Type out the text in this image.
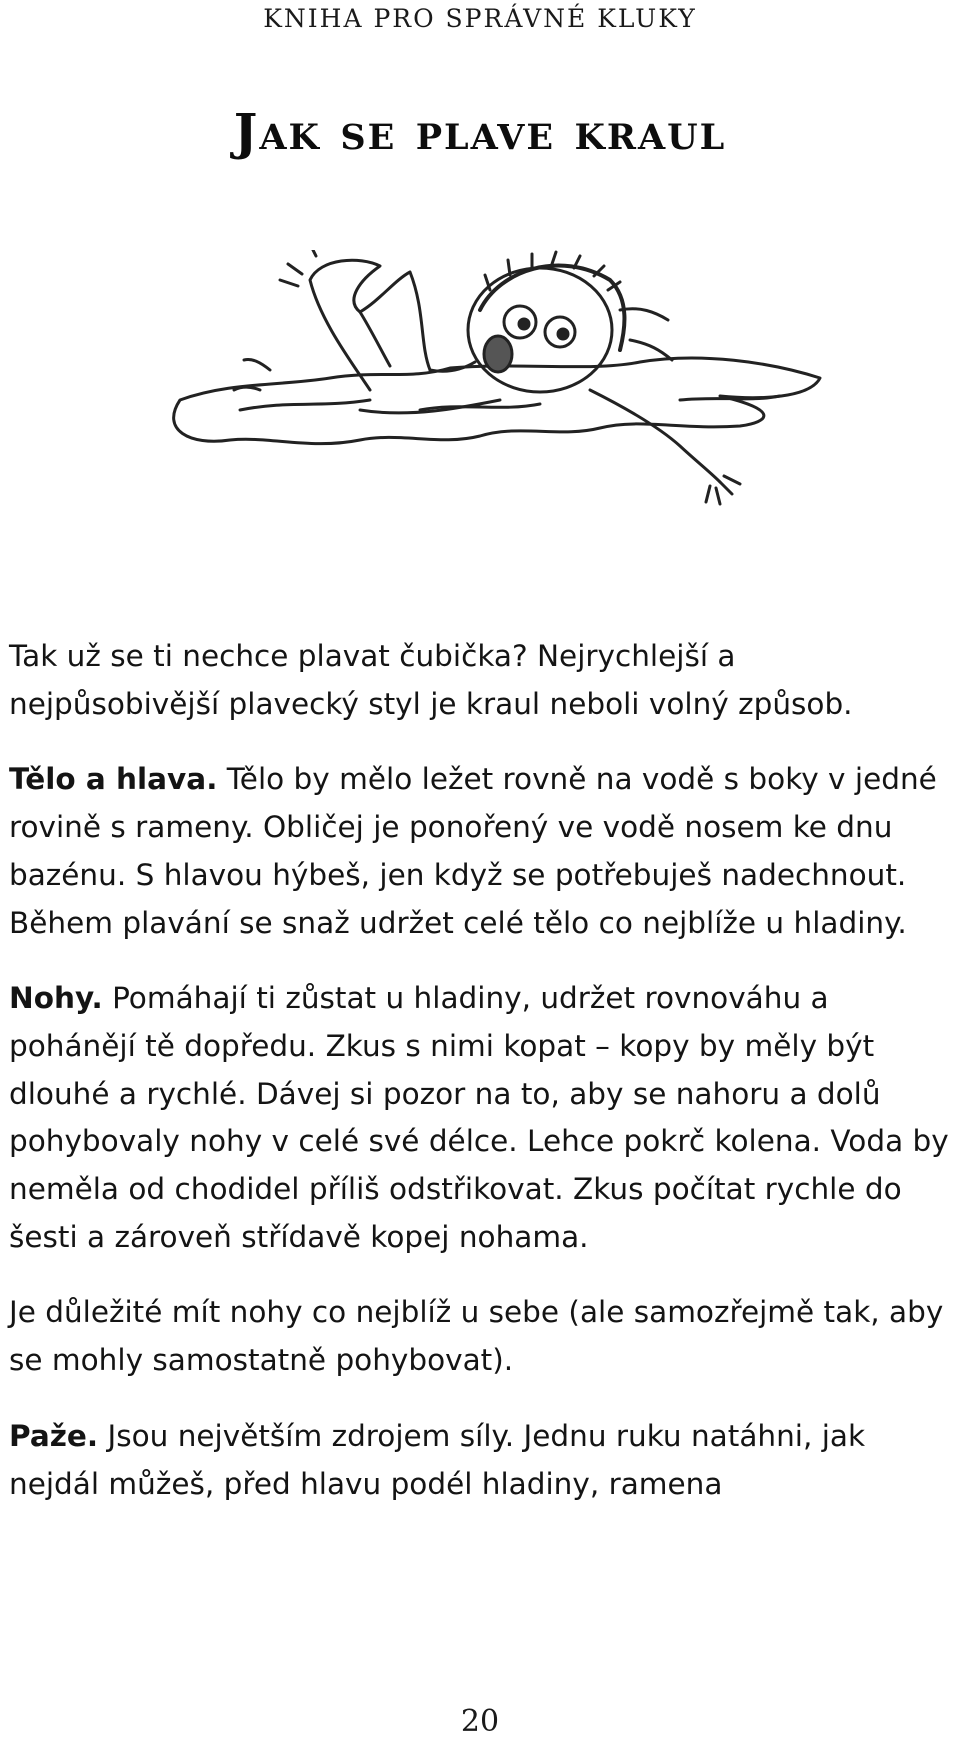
KNIHA PRO SPRÁVNÉ KLUKY
Jak se plave kraul

Tak už se ti nechce plavat čubička? Nejrychlejší a nejpůsobivější plavecký styl je kraul neboli volný způsob.

Tělo a hlava. Tělo by mělo ležet rovně na vodě s boky v jedné rovině s rameny. Obličej je ponořený ve vodě nosem ke dnu bazénu. S hlavou hýbeš, jen když se potřebuješ nadechnout. Během plavání se snaž udržet celé tělo co nejblíže u hladiny.

Nohy. Pomáhají ti zůstat u hladiny, udržet rovnováhu a pohánějí tě dopředu. Zkus s nimi kopat – kopy by měly být dlouhé a rychlé. Dávej si pozor na to, aby se nahoru a dolů pohybovaly nohy v celé své délce. Lehce pokrč kolena. Voda by neměla od chodidel příliš odstřikovat. Zkus počítat rychle do šesti a zároveň střídavě kopej nohama.

Je důležité mít nohy co nejblíž u sebe (ale samozřejmě tak, aby se mohly samostatně pohybovat).

Paže. Jsou největším zdrojem síly. Jednu ruku natáhni, jak nejdál můžeš, před hlavu podél hladiny, ramena

20
